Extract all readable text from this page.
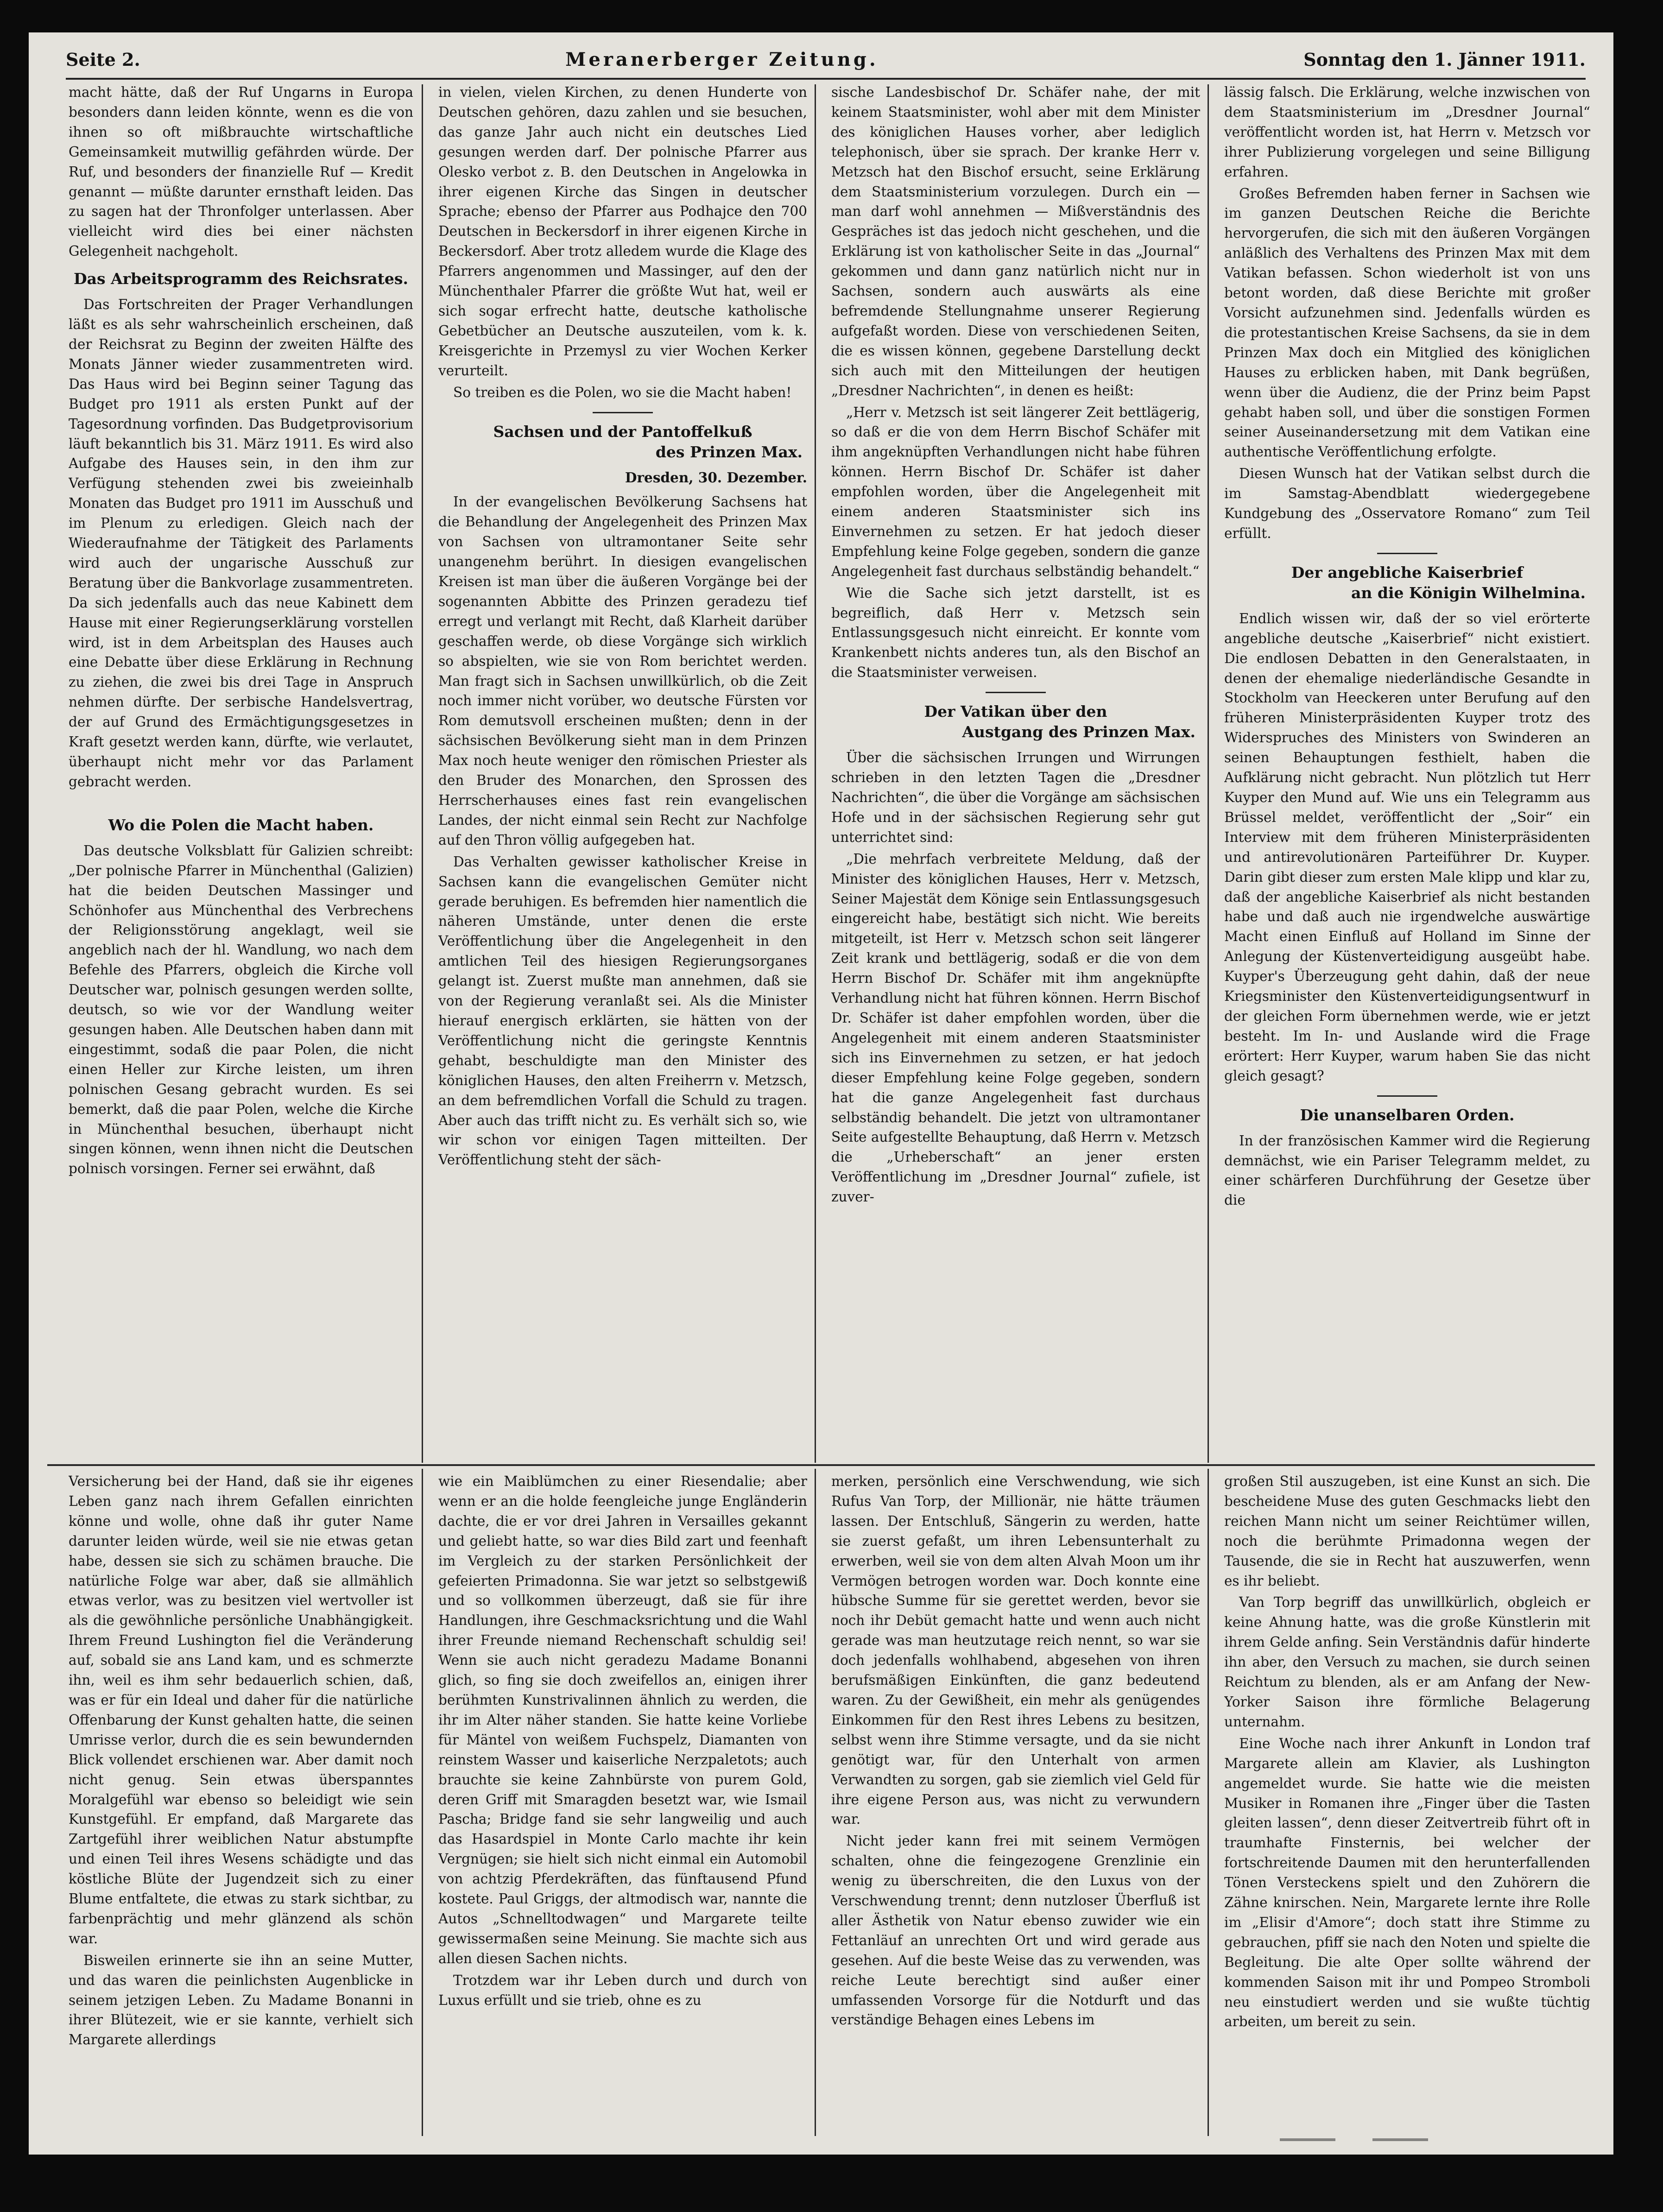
Seite 2.	Meranerberger Zeitung.	Sonntag den 1. Jänner 1911.

macht hätte, daß der Ruf Ungarns in Europa besonders dann leiden könnte, wenn es die von ihnen so oft mißbrauchte wirtschaftliche Gemeinsamkeit mutwillig gefährden würde. Der Ruf, und besonders der finanzielle Ruf — Kredit genannt — müßte darunter ernsthaft leiden. Das zu sagen hat der Thronfolger unterlassen. Aber vielleicht wird dies bei einer nächsten Gelegenheit nachgeholt.

Das Arbeitsprogramm des Reichsrates.

Das Fortschreiten der Prager Verhandlungen läßt es als sehr wahrscheinlich erscheinen, daß der Reichsrat zu Beginn der zweiten Hälfte des Monats Jänner wieder zusammentreten wird. Das Haus wird bei Beginn seiner Tagung das Budget pro 1911 als ersten Punkt auf der Tagesordnung vorfinden. Das Budgetprovisorium läuft bekanntlich bis 31. März 1911. Es wird also Aufgabe des Hauses sein, in den ihm zur Verfügung stehenden zwei bis zweieinhalb Monaten das Budget pro 1911 im Ausschuß und im Plenum zu erledigen. Gleich nach der Wiederaufnahme der Tätigkeit des Parlaments wird auch der ungarische Ausschuß zur Beratung über die Bankvorlage zusammentreten. Da sich jedenfalls auch das neue Kabinett dem Hause mit einer Regierungserklärung vorstellen wird, ist in dem Arbeitsplan des Hauses auch eine Debatte über diese Erklärung in Rechnung zu ziehen, die zwei bis drei Tage in Anspruch nehmen dürfte. Der serbische Handelsvertrag, der auf Grund des Ermächtigungsgesetzes in Kraft gesetzt werden kann, dürfte, wie verlautet, überhaupt nicht mehr vor das Parlament gebracht werden.

Wo die Polen die Macht haben.

Das deutsche Volksblatt für Galizien schreibt: „Der polnische Pfarrer in Münchenthal (Galizien) hat die beiden Deutschen Massinger und Schönhofer aus Münchenthal des Verbrechens der Religionsstörung angeklagt, weil sie angeblich nach der hl. Wandlung, wo nach dem Befehle des Pfarrers, obgleich die Kirche voll Deutscher war, polnisch gesungen werden sollte, deutsch, so wie vor der Wandlung weiter gesungen haben. Alle Deutschen haben dann mit eingestimmt, sodaß die paar Polen, die nicht einen Heller zur Kirche leisten, um ihren polnischen Gesang gebracht wurden. Es sei bemerkt, daß die paar Polen, welche die Kirche in Münchenthal besuchen, überhaupt nicht singen können, wenn ihnen nicht die Deutschen polnisch vorsingen. Ferner sei erwähnt, daß

in vielen, vielen Kirchen, zu denen Hunderte von Deutschen gehören, dazu zahlen und sie besuchen, das ganze Jahr auch nicht ein deutsches Lied gesungen werden darf. Der polnische Pfarrer aus Olesko verbot z. B. den Deutschen in Angelowka in ihrer eigenen Kirche das Singen in deutscher Sprache; ebenso der Pfarrer aus Podhajce den 700 Deutschen in Beckersdorf in ihrer eigenen Kirche in Beckersdorf. Aber trotz alledem wurde die Klage des Pfarrers angenommen und Massinger, auf den der Münchenthaler Pfarrer die größte Wut hat, weil er sich sogar erfrecht hatte, deutsche katholische Gebetbücher an Deutsche auszuteilen, vom k. k. Kreisgerichte in Przemysl zu vier Wochen Kerker verurteilt.

So treiben es die Polen, wo sie die Macht haben!

Sachsen und der Pantoffelkuß
des Prinzen Max.
Dresden, 30. Dezember.

In der evangelischen Bevölkerung Sachsens hat die Behandlung der Angelegenheit des Prinzen Max von Sachsen von ultramontaner Seite sehr unangenehm berührt. In diesigen evangelischen Kreisen ist man über die äußeren Vorgänge bei der sogenannten Abbitte des Prinzen geradezu tief erregt und verlangt mit Recht, daß Klarheit darüber geschaffen werde, ob diese Vorgänge sich wirklich so abspielten, wie sie von Rom berichtet werden. Man fragt sich in Sachsen unwillkürlich, ob die Zeit noch immer nicht vorüber, wo deutsche Fürsten vor Rom demutsvoll erscheinen mußten; denn in der sächsischen Bevölkerung sieht man in dem Prinzen Max noch heute weniger den römischen Priester als den Bruder des Monarchen, den Sprossen des Herrscherhauses eines fast rein evangelischen Landes, der nicht einmal sein Recht zur Nachfolge auf den Thron völlig aufgegeben hat.

Das Verhalten gewisser katholischer Kreise in Sachsen kann die evangelischen Gemüter nicht gerade beruhigen. Es befremden hier namentlich die näheren Umstände, unter denen die erste Veröffentlichung über die Angelegenheit in den amtlichen Teil des hiesigen Regierungsorganes gelangt ist. Zuerst mußte man annehmen, daß sie von der Regierung veranlaßt sei. Als die Minister hierauf energisch erklärten, sie hätten von der Veröffentlichung nicht die geringste Kenntnis gehabt, beschuldigte man den Minister des königlichen Hauses, den alten Freiherrn v. Metzsch, an dem befremdlichen Vorfall die Schuld zu tragen. Aber auch das trifft nicht zu. Es verhält sich so, wie wir schon vor einigen Tagen mitteilten. Der Veröffentlichung steht der säch-

sische Landesbischof Dr. Schäfer nahe, der mit keinem Staatsminister, wohl aber mit dem Minister des königlichen Hauses vorher, aber lediglich telephonisch, über sie sprach. Der kranke Herr v. Metzsch hat den Bischof ersucht, seine Erklärung dem Staatsministerium vorzulegen. Durch ein — man darf wohl annehmen — Mißverständnis des Gespräches ist das jedoch nicht geschehen, und die Erklärung ist von katholischer Seite in das „Journal“ gekommen und dann ganz natürlich nicht nur in Sachsen, sondern auch auswärts als eine befremdende Stellungnahme unserer Regierung aufgefaßt worden. Diese von verschiedenen Seiten, die es wissen können, gegebene Darstellung deckt sich auch mit den Mitteilungen der heutigen „Dresdner Nachrichten“, in denen es heißt:

„Herr v. Metzsch ist seit längerer Zeit bettlägerig, so daß er die von dem Herrn Bischof Schäfer mit ihm angeknüpften Verhandlungen nicht habe führen können. Herrn Bischof Dr. Schäfer ist daher empfohlen worden, über die Angelegenheit mit einem anderen Staatsminister sich ins Einvernehmen zu setzen. Er hat jedoch dieser Empfehlung keine Folge gegeben, sondern die ganze Angelegenheit fast durchaus selbständig behandelt.“

Wie die Sache sich jetzt darstellt, ist es begreiflich, daß Herr v. Metzsch sein Entlassungsgesuch nicht einreicht. Er konnte vom Krankenbett nichts anderes tun, als den Bischof an die Staatsminister verweisen.

Der Vatikan über den
Austgang des Prinzen Max.

Über die sächsischen Irrungen und Wirrungen schrieben in den letzten Tagen die „Dresdner Nachrichten“, die über die Vorgänge am sächsischen Hofe und in der sächsischen Regierung sehr gut unterrichtet sind:

„Die mehrfach verbreitete Meldung, daß der Minister des königlichen Hauses, Herr v. Metzsch, Seiner Majestät dem Könige sein Entlassungsgesuch eingereicht habe, bestätigt sich nicht. Wie bereits mitgeteilt, ist Herr v. Metzsch schon seit längerer Zeit krank und bettlägerig, sodaß er die von dem Herrn Bischof Dr. Schäfer mit ihm angeknüpfte Verhandlung nicht hat führen können. Herrn Bischof Dr. Schäfer ist daher empfohlen worden, über die Angelegenheit mit einem anderen Staatsminister sich ins Einvernehmen zu setzen, er hat jedoch dieser Empfehlung keine Folge gegeben, sondern hat die ganze Angelegenheit fast durchaus selbständig behandelt. Die jetzt von ultramontaner Seite aufgestellte Behauptung, daß Herrn v. Metzsch die „Urheberschaft“ an jener ersten Veröffentlichung im „Dresdner Journal“ zufiele, ist zuver-

lässig falsch. Die Erklärung, welche inzwischen von dem Staatsministerium im „Dresdner Journal“ veröffentlicht worden ist, hat Herrn v. Metzsch vor ihrer Publizierung vorgelegen und seine Billigung erfahren.

Großes Befremden haben ferner in Sachsen wie im ganzen Deutschen Reiche die Berichte hervorgerufen, die sich mit den äußeren Vorgängen anläßlich des Verhaltens des Prinzen Max mit dem Vatikan befassen. Schon wiederholt ist von uns betont worden, daß diese Berichte mit großer Vorsicht aufzunehmen sind. Jedenfalls würden es die protestantischen Kreise Sachsens, da sie in dem Prinzen Max doch ein Mitglied des königlichen Hauses zu erblicken haben, mit Dank begrüßen, wenn über die Audienz, die der Prinz beim Papst gehabt haben soll, und über die sonstigen Formen seiner Auseinandersetzung mit dem Vatikan eine authentische Veröffentlichung erfolgte.

Diesen Wunsch hat der Vatikan selbst durch die im Samstag-Abendblatt wiedergegebene Kundgebung des „Osservatore Romano“ zum Teil erfüllt.

Der angebliche Kaiserbrief
an die Königin Wilhelmina.

Endlich wissen wir, daß der so viel erörterte angebliche deutsche „Kaiserbrief“ nicht existiert. Die endlosen Debatten in den Generalstaaten, in denen der ehemalige niederländische Gesandte in Stockholm van Heeckeren unter Berufung auf den früheren Ministerpräsidenten Kuyper trotz des Widerspruches des Ministers von Swinderen an seinen Behauptungen festhielt, haben die Aufklärung nicht gebracht. Nun plötzlich tut Herr Kuyper den Mund auf. Wie uns ein Telegramm aus Brüssel meldet, veröffentlicht der „Soir“ ein Interview mit dem früheren Ministerpräsidenten und antirevolutionären Parteiführer Dr. Kuyper. Darin gibt dieser zum ersten Male klipp und klar zu, daß der angebliche Kaiserbrief als nicht bestanden habe und daß auch nie irgendwelche auswärtige Macht einen Einfluß auf Holland im Sinne der Anlegung der Küstenverteidigung ausgeübt habe. Kuyper's Überzeugung geht dahin, daß der neue Kriegsminister den Küstenverteidigungsentwurf in der gleichen Form übernehmen werde, wie er jetzt besteht. Im In- und Auslande wird die Frage erörtert: Herr Kuyper, warum haben Sie das nicht gleich gesagt?

Die unanselbaren Orden.

In der französischen Kammer wird die Regierung demnächst, wie ein Pariser Telegramm meldet, zu einer schärferen Durchführung der Gesetze über die

Versicherung bei der Hand, daß sie ihr eigenes Leben ganz nach ihrem Gefallen einrichten könne und wolle, ohne daß ihr guter Name darunter leiden würde, weil sie nie etwas getan habe, dessen sie sich zu schämen brauche. Die natürliche Folge war aber, daß sie allmählich etwas verlor, was zu besitzen viel wertvoller ist als die gewöhnliche persönliche Unabhängigkeit. Ihrem Freund Lushington fiel die Veränderung auf, sobald sie ans Land kam, und es schmerzte ihn, weil es ihm sehr bedauerlich schien, daß, was er für ein Ideal und daher für die natürliche Offenbarung der Kunst gehalten hatte, die seinen Umrisse verlor, durch die es sein bewundernden Blick vollendet erschienen war. Aber damit noch nicht genug. Sein etwas überspanntes Moralgefühl war ebenso so beleidigt wie sein Kunstgefühl. Er empfand, daß Margarete das Zartgefühl ihrer weiblichen Natur abstumpfte und einen Teil ihres Wesens schädigte und das köstliche Blüte der Jugendzeit sich zu einer Blume entfaltete, die etwas zu stark sichtbar, zu farbenprächtig und mehr glänzend als schön war.

Bisweilen erinnerte sie ihn an seine Mutter, und das waren die peinlichsten Augenblicke in seinem jetzigen Leben. Zu Madame Bonanni in ihrer Blütezeit, wie er sie kannte, verhielt sich Margarete allerdings

wie ein Maiblümchen zu einer Riesendalie; aber wenn er an die holde feengleiche junge Engländerin dachte, die er vor drei Jahren in Versailles gekannt und geliebt hatte, so war dies Bild zart und feenhaft im Vergleich zu der starken Persönlichkeit der gefeierten Primadonna. Sie war jetzt so selbstgewiß und so vollkommen überzeugt, daß sie für ihre Handlungen, ihre Geschmacksrichtung und die Wahl ihrer Freunde niemand Rechenschaft schuldig sei! Wenn sie auch nicht geradezu Madame Bonanni glich, so fing sie doch zweifellos an, einigen ihrer berühmten Kunstrivalinnen ähnlich zu werden, die ihr im Alter näher standen. Sie hatte keine Vorliebe für Mäntel von weißem Fuchspelz, Diamanten von reinstem Wasser und kaiserliche Nerzpaletots; auch brauchte sie keine Zahnbürste von purem Gold, deren Griff mit Smaragden besetzt war, wie Ismail Pascha; Bridge fand sie sehr langweilig und auch das Hasardspiel in Monte Carlo machte ihr kein Vergnügen; sie hielt sich nicht einmal ein Automobil von achtzig Pferdekräften, das fünftausend Pfund kostete. Paul Griggs, der altmodisch war, nannte die Autos „Schnelltodwagen“ und Margarete teilte gewissermaßen seine Meinung. Sie machte sich aus allen diesen Sachen nichts.

Trotzdem war ihr Leben durch und durch von Luxus erfüllt und sie trieb, ohne es zu

merken, persönlich eine Verschwendung, wie sich Rufus Van Torp, der Millionär, nie hätte träumen lassen. Der Entschluß, Sängerin zu werden, hatte sie zuerst gefaßt, um ihren Lebensunterhalt zu erwerben, weil sie von dem alten Alvah Moon um ihr Vermögen betrogen worden war. Doch konnte eine hübsche Summe für sie gerettet werden, bevor sie noch ihr Debüt gemacht hatte und wenn auch nicht gerade was man heutzutage reich nennt, so war sie doch jedenfalls wohlhabend, abgesehen von ihren berufsmäßigen Einkünften, die ganz bedeutend waren. Zu der Gewißheit, ein mehr als genügendes Einkommen für den Rest ihres Lebens zu besitzen, selbst wenn ihre Stimme versagte, und da sie nicht genötigt war, für den Unterhalt von armen Verwandten zu sorgen, gab sie ziemlich viel Geld für ihre eigene Person aus, was nicht zu verwundern war.

Nicht jeder kann frei mit seinem Vermögen schalten, ohne die feingezogene Grenzlinie ein wenig zu überschreiten, die den Luxus von der Verschwendung trennt; denn nutzloser Überfluß ist aller Ästhetik von Natur ebenso zuwider wie ein Fettanläuf an unrechten Ort und wird gerade aus gesehen. Auf die beste Weise das zu verwenden, was reiche Leute berechtigt sind außer einer umfassenden Vorsorge für die Notdurft und das verständige Behagen eines Lebens im

großen Stil auszugeben, ist eine Kunst an sich. Die bescheidene Muse des guten Geschmacks liebt den reichen Mann nicht um seiner Reichtümer willen, noch die berühmte Primadonna wegen der Tausende, die sie in Recht hat auszuwerfen, wenn es ihr beliebt.

Van Torp begriff das unwillkürlich, obgleich er keine Ahnung hatte, was die große Künstlerin mit ihrem Gelde anfing. Sein Verständnis dafür hinderte ihn aber, den Versuch zu machen, sie durch seinen Reichtum zu blenden, als er am Anfang der New-Yorker Saison ihre förmliche Belagerung unternahm.

Eine Woche nach ihrer Ankunft in London traf Margarete allein am Klavier, als Lushington angemeldet wurde. Sie hatte wie die meisten Musiker in Romanen ihre „Finger über die Tasten gleiten lassen“, denn dieser Zeitvertreib führt oft in traumhafte Finsternis, bei welcher der fortschreitende Daumen mit den herunterfallenden Tönen Versteckens spielt und den Zuhörern die Zähne knirschen. Nein, Margarete lernte ihre Rolle im „Elisir d'Amore“; doch statt ihre Stimme zu gebrauchen, pfiff sie nach den Noten und spielte die Begleitung. Die alte Oper sollte während der kommenden Saison mit ihr und Pompeo Stromboli neu einstudiert werden und sie wußte tüchtig arbeiten, um bereit zu sein.
